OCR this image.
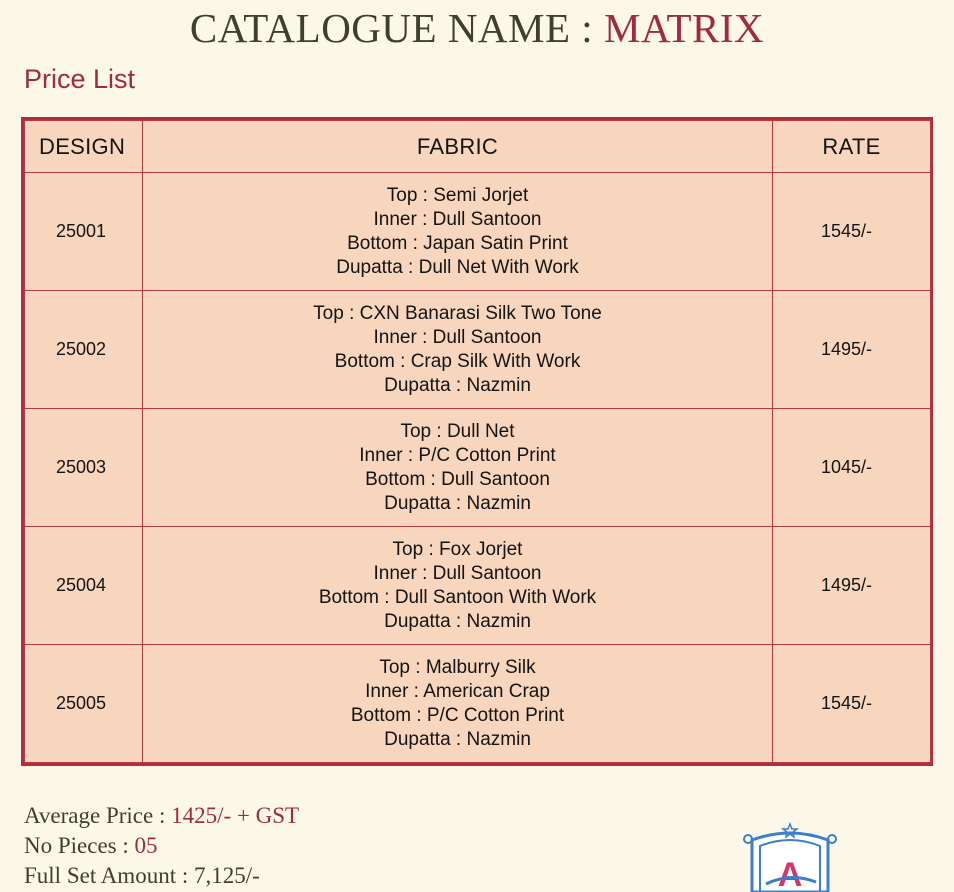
CATALOGUE NAME : MATRIX
Price List
DESIGN	FABRIC	RATE
25001	Top : Semi Jorjet
Inner : Dull Santoon
Bottom : Japan Satin Print
Dupatta : Dull Net With Work	1545/-
25002	Top : CXN Banarasi Silk Two Tone
Inner : Dull Santoon
Bottom : Crap Silk With Work
Dupatta : Nazmin	1495/-
25003	Top : Dull Net
Inner : P/C Cotton Print
Bottom : Dull Santoon
Dupatta : Nazmin	1045/-
25004	Top : Fox Jorjet
Inner : Dull Santoon
Bottom : Dull Santoon With Work
Dupatta : Nazmin	1495/-
25005	Top : Malburry Silk
Inner : American Crap
Bottom : P/C Cotton Print
Dupatta : Nazmin	1545/-
Average Price : 1425/- + GST
No Pieces : 05
Full Set Amount : 7,125/-	A
